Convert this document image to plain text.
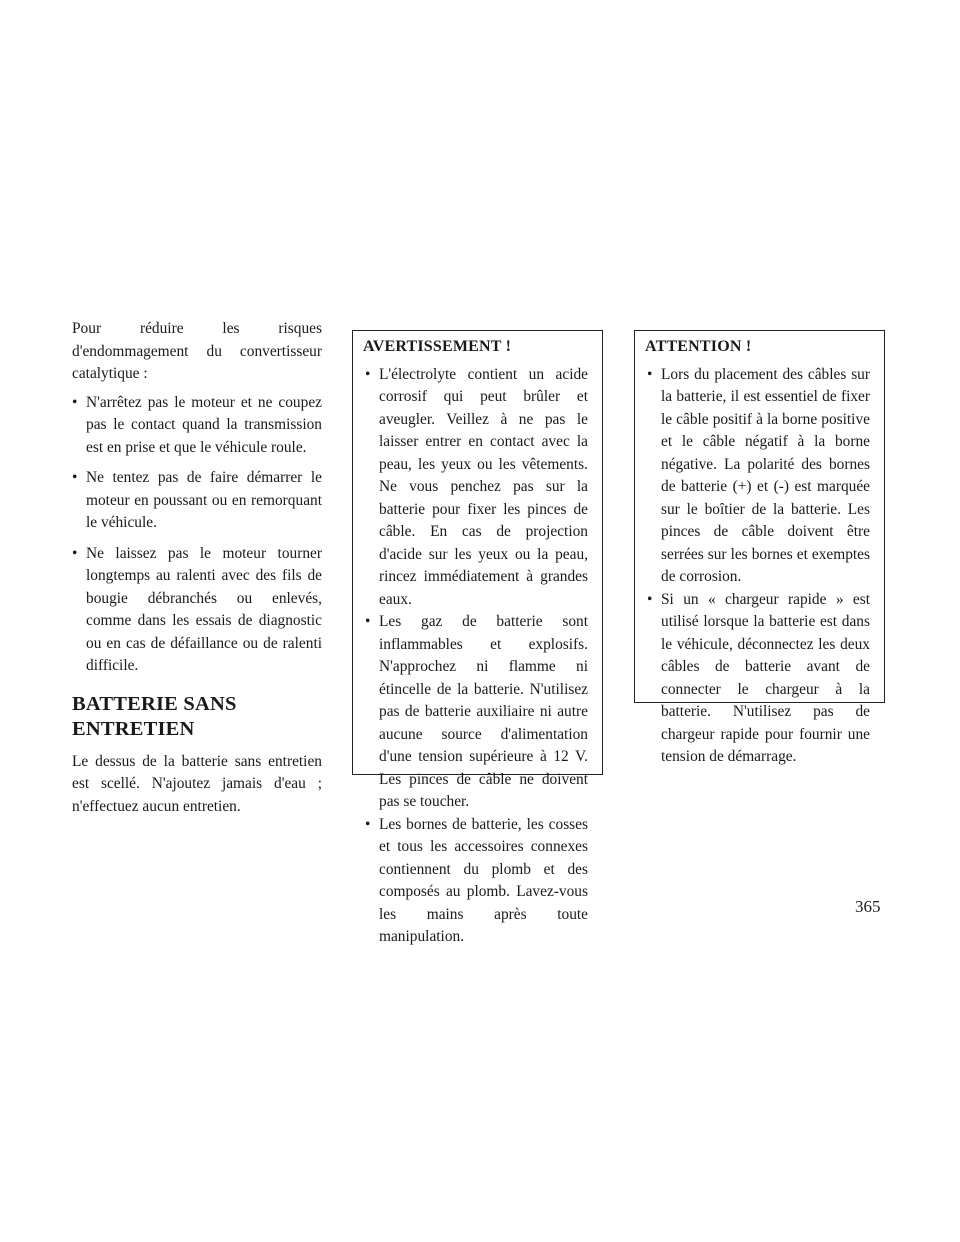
Pour réduire les risques d'endommagement du convertisseur catalytique :

• N'arrêtez pas le moteur et ne coupez pas le contact quand la transmission est en prise et que le véhicule roule.
• Ne tentez pas de faire démarrer le moteur en poussant ou en remorquant le véhicule.
• Ne laissez pas le moteur tourner longtemps au ralenti avec des fils de bougie débranchés ou enlevés, comme dans les essais de diagnostic ou en cas de défaillance ou de ralenti difficile.
BATTERIE SANS
ENTRETIEN

Le dessus de la batterie sans entretien est scellé. N'ajoutez jamais d'eau ; n'effectuez aucun entretien.

AVERTISSEMENT !
• L'électrolyte contient un acide corrosif qui peut brûler et aveugler. Veillez à ne pas le laisser entrer en contact avec la peau, les yeux ou les vêtements. Ne vous penchez pas sur la batterie pour fixer les pinces de câble. En cas de projection d'acide sur les yeux ou la peau, rincez immédiatement à grandes eaux.
• Les gaz de batterie sont inflammables et explosifs. N'approchez ni flamme ni étincelle de la batterie. N'utilisez pas de batterie auxiliaire ni autre aucune source d'alimentation d'une tension supérieure à 12 V. Les pinces de câble ne doivent pas se toucher.
• Les bornes de batterie, les cosses et tous les accessoires connexes contiennent du plomb et des composés au plomb. Lavez-vous les mains après toute manipulation.
ATTENTION !
• Lors du placement des câbles sur la batterie, il est essentiel de fixer le câble positif à la borne positive et le câble négatif à la borne négative. La polarité des bornes de batterie (+) et (-) est marquée sur le boîtier de la batterie. Les pinces de câble doivent être serrées sur les bornes et exemptes de corrosion.
• Si un « chargeur rapide » est utilisé lorsque la batterie est dans le véhicule, déconnectez les deux câbles de batterie avant de connecter le chargeur à la batterie. N'utilisez pas de chargeur rapide pour fournir une tension de démarrage.
365
